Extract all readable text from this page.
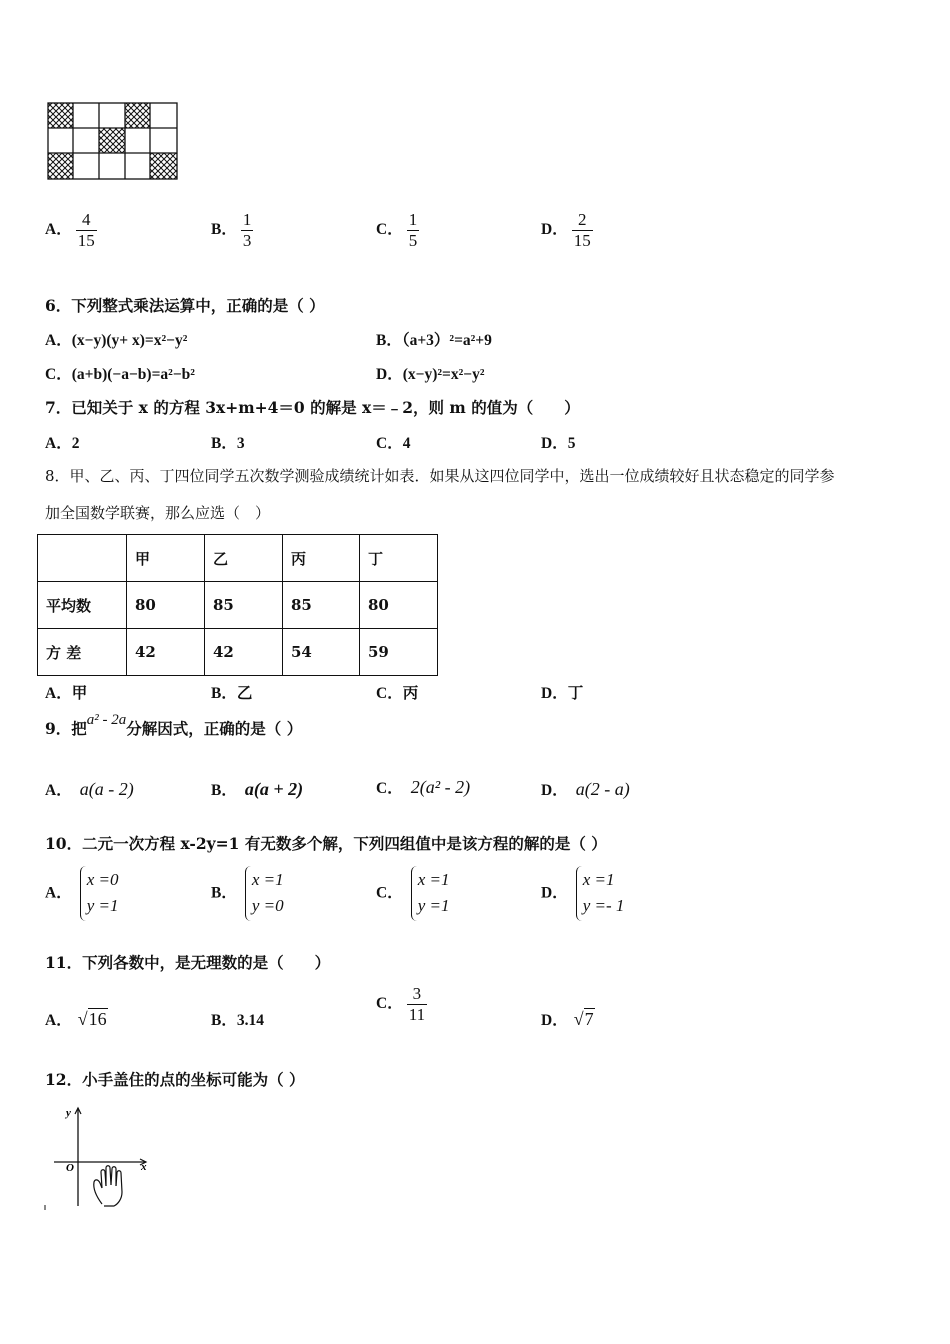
A． $\frac{4}{15}$	B． $\frac{1}{3}$	C． $\frac{1}{5}$	D． $\frac{2}{15}$
6．下列整式乘法运算中，正确的是（ ）
A．(x−y)(y+ x)=x²−y²	B．（a+3）²=a²+9
C．(a+b)(−a−b)=a²−b²	D．(x−y)²=x²−y²
7．已知关于 x 的方程 3x+m+4＝0 的解是 x＝﹣2，则 m 的值为（　　）
A．2	B．3	C．4	D．5
8．甲、乙、丙、丁四位同学五次数学测验成绩统计如表．如果从这四位同学中，选出一位成绩较好且状态稳定的同学参
加全国数学联赛，那么应选（　）
	甲	乙	丙	丁
平均数	80	85	85	80
方 差	42	42	54	59
A．甲	B．乙	C．丙	D．丁
9．把a² - 2a分解因式，正确的是（ ）
A． a(a - 2)	B． a(a + 2)	C． 2(a² - 2)	D． a(2 - a)
10．二元一次方程 x-2y=1 有无数多个解，下列四组值中是该方程的解的是（ ）
A．x =0
y =1
B．x =1
y =0
C．x =1
y =1
D．x =1
y =- 1
11．下列各数中，是无理数的是（　　）
A． √16	B．3.14
C． $\frac{3}{11}$	D． √7
12．小手盖住的点的坐标可能为（ ）
y
x
O
